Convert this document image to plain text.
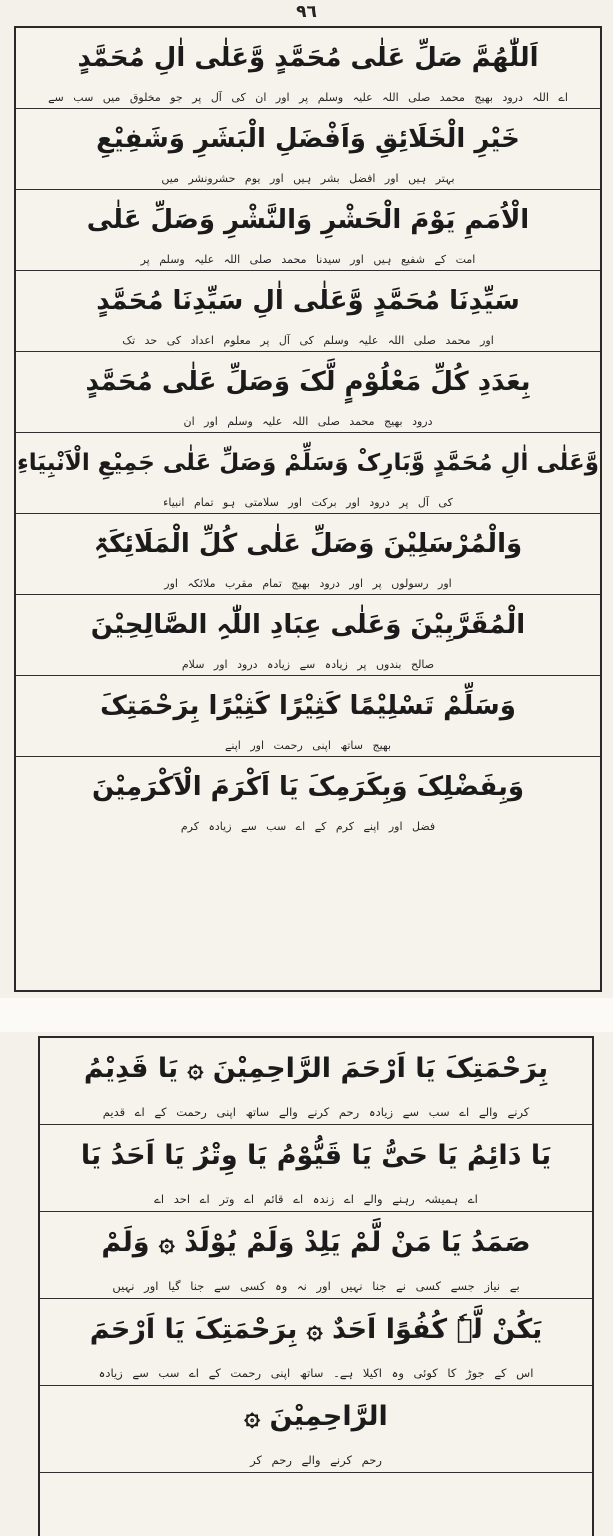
٩٦
اَللّٰھُمَّ صَلِّ عَلٰی مُحَمَّدٍ وَّعَلٰی اٰلِ مُحَمَّدٍ
اے اللہ درود بھیج محمد صلی اللہ علیہ وسلم پر اور ان کی آل پر جو مخلوق میں سب سے
خَیْرِ الْخَلَائِقِ وَاَفْضَلِ الْبَشَرِ وَشَفِیْعِ
بہتر ہیں اور افضل بشر ہیں اور یوم حشرونشر میں
الْاُمَمِ یَوْمَ الْحَشْرِ وَالنَّشْرِ وَصَلِّ عَلٰی
امت کے شفیع ہیں اور سیدنا محمد صلی اللہ علیہ وسلم پر
سَیِّدِنَا مُحَمَّدٍ وَّعَلٰی اٰلِ سَیِّدِنَا مُحَمَّدٍ
اور محمد صلی اللہ علیہ وسلم کی آل پر معلوم اعداد کی حد تک
بِعَدَدِ کُلِّ مَعْلُوْمٍ لَّکَ وَصَلِّ عَلٰی مُحَمَّدٍ
درود بھیج محمد صلی اللہ علیہ وسلم اور ان
وَّعَلٰی اٰلِ مُحَمَّدٍ وَّبَارِکْ وَسَلِّمْ وَصَلِّ عَلٰی جَمِیْعِ الْاَنْبِیَاءِ
کی آل پر درود اور برکت اور سلامتی ہو تمام انبیاء
وَالْمُرْسَلِیْنَ وَصَلِّ عَلٰی کُلِّ الْمَلَائِکَۃِ
اور رسولوں پر اور درود بھیج تمام مقرب ملائکہ اور
الْمُقَرَّبِیْنَ وَعَلٰی عِبَادِ اللّٰہِ الصَّالِحِیْنَ
صالح بندوں پر زیادہ سے زیادہ درود اور سلام
وَسَلِّمْ تَسْلِیْمًا کَثِیْرًا کَثِیْرًا بِرَحْمَتِکَ
بھیج ساتھ اپنی رحمت اور اپنے
وَبِفَضْلِکَ وَبِکَرَمِکَ یَا اَکْرَمَ الْاَکْرَمِیْنَ
فضل اور اپنے کرم کے اے سب سے زیادہ کرم
بِرَحْمَتِکَ یَا اَرْحَمَ الرَّاحِمِیْنَ ۞ یَا قَدِیْمُ
کرنے والے اے سب سے زیادہ رحم کرنے والے ساتھ اپنی رحمت کے اے قدیم
یَا دَائِمُ یَا حَیُّ یَا قَیُّوْمُ یَا وِتْرُ یَا اَحَدُ یَا
اے ہمیشہ رہنے والے اے زندہ اے قائم اے وتر اے احد اے
صَمَدُ یَا مَنْ لَّمْ یَلِدْ وَلَمْ یُوْلَدْ ۞ وَلَمْ
بے نیاز جسے کسی نے جنا نہیں اور نہ وہ کسی سے جنا گیا اور نہیں
یَکُنْ لَّہٗ کُفُوًا اَحَدٌ ۞ بِرَحْمَتِکَ یَا اَرْحَمَ
اس کے جوڑ کا کوئی وہ اکیلا ہے۔ ساتھ اپنی رحمت کے اے سب سے زیادہ
الرَّاحِمِیْنَ ۞
رحم کرنے والے رحم کر
